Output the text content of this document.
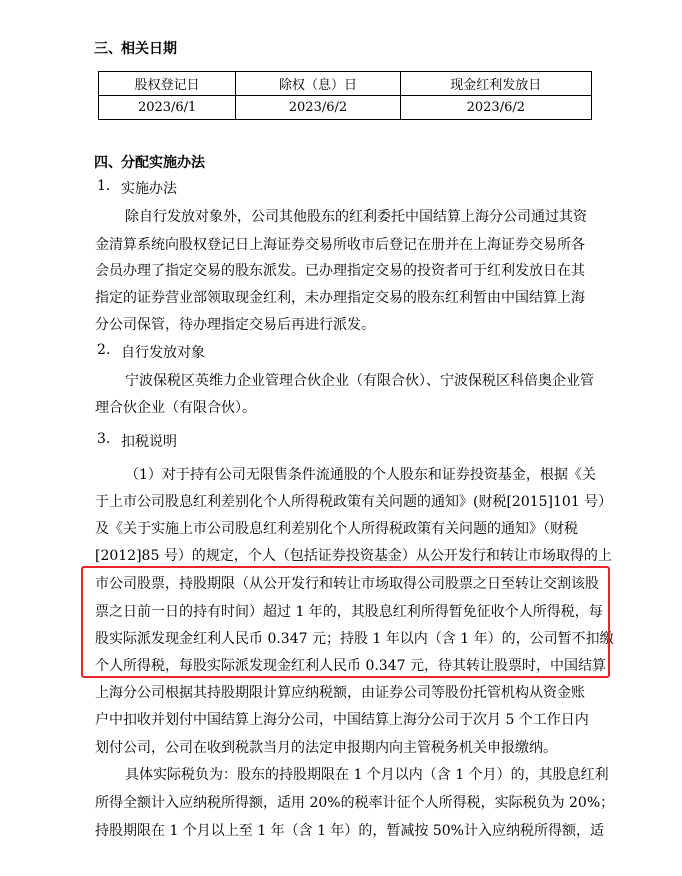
三、 相关日期
股权登记日	除权（息）日	现金红利发放日
2023/6/1	2023/6/2	2023/6/2
四、 分配实施办法
1. 实施办法
除自行发放对象外，公司其他股东的红利委托中国结算上海分公司通过其资
金清算系统向股权登记日上海证券交易所收市后登记在册并在上海证券交易所各
会员办理了指定交易的股东派发。已办理指定交易的投资者可于红利发放日在其
指定的证券营业部领取现金红利，未办理指定交易的股东红利暂由中国结算上海
分公司保管，待办理指定交易后再进行派发。
2. 自行发放对象
宁波保税区英维力企业管理合伙企业（有限合伙）、宁波保税区科倍奥企业管
理合伙企业（有限合伙）。
3. 扣税说明
（1）对于持有公司无限售条件流通股的个人股东和证券投资基金，根据《关
于上市公司股息红利差别化个人所得税政策有关问题的通知》(财税[2015]101 号）
及《关于实施上市公司股息红利差别化个人所得税政策有关问题的通知》（财税
[2012]85 号）的规定，个人（包括证券投资基金）从公开发行和转让市场取得的上
市公司股票，持股期限（从公开发行和转让市场取得公司股票之日至转让交割该股
票之日前一日的持有时间）超过 1 年的，其股息红利所得暂免征收个人所得税，每
股实际派发现金红利人民币 0.347 元；持股 1 年以内（含 1 年）的，公司暂不扣缴
个人所得税，每股实际派发现金红利人民币 0.347 元，待其转让股票时，中国结算
上海分公司根据其持股期限计算应纳税额，由证券公司等股份托管机构从资金账
户中扣收并划付中国结算上海分公司，中国结算上海分公司于次月 5 个工作日内
划付公司，公司在收到税款当月的法定申报期内向主管税务机关申报缴纳。
具体实际税负为：股东的持股期限在 1 个月以内（含 1 个月）的，其股息红利
所得全额计入应纳税所得额，适用 20%的税率计征个人所得税，实际税负为 20%；
持股期限在 1 个月以上至 1 年（含 1 年）的，暂减按 50%计入应纳税所得额，适
